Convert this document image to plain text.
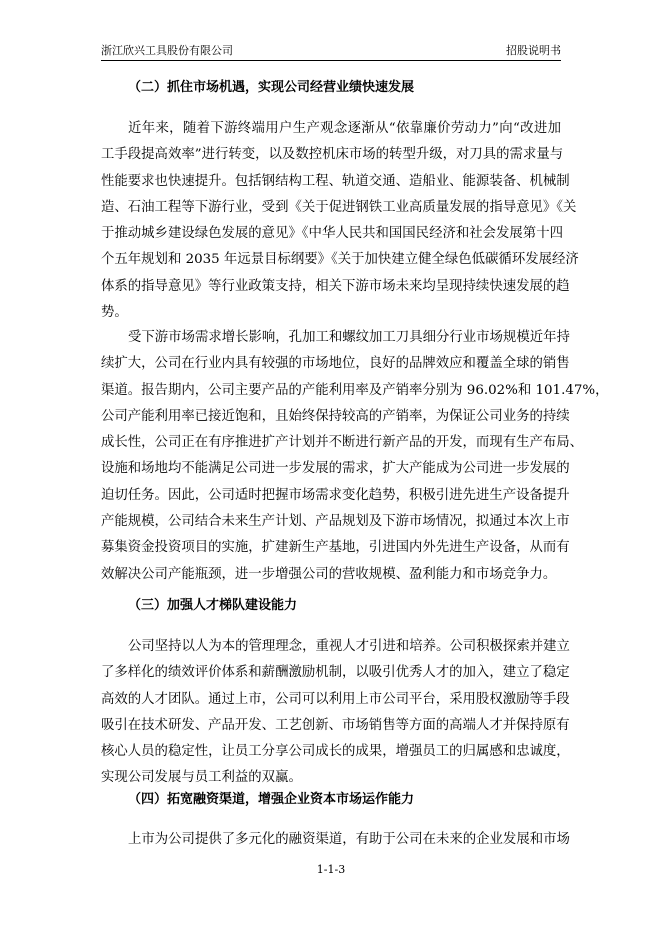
浙江欣兴工具股份有限公司	招股说明书
（二）抓住市场机遇，实现公司经营业绩快速发展
近年来，随着下游终端用户生产观念逐渐从“依靠廉价劳动力”向“改进加
工手段提高效率”进行转变，以及数控机床市场的转型升级，对刀具的需求量与
性能要求也快速提升。包括钢结构工程、轨道交通、造船业、能源装备、机械制
造、石油工程等下游行业，受到《关于促进钢铁工业高质量发展的指导意见》《关
于推动城乡建设绿色发展的意见》《中华人民共和国国民经济和社会发展第十四
个五年规划和 2035 年远景目标纲要》《关于加快建立健全绿色低碳循环发展经济
体系的指导意见》等行业政策支持，相关下游市场未来均呈现持续快速发展的趋
势。
受下游市场需求增长影响，孔加工和螺纹加工刀具细分行业市场规模近年持
续扩大，公司在行业内具有较强的市场地位，良好的品牌效应和覆盖全球的销售
渠道。报告期内，公司主要产品的产能利用率及产销率分别为 96.02%和 101.47%，
公司产能利用率已接近饱和，且始终保持较高的产销率，为保证公司业务的持续
成长性，公司正在有序推进扩产计划并不断进行新产品的开发，而现有生产布局、
设施和场地均不能满足公司进一步发展的需求，扩大产能成为公司进一步发展的
迫切任务。因此，公司适时把握市场需求变化趋势，积极引进先进生产设备提升
产能规模，公司结合未来生产计划、产品规划及下游市场情况，拟通过本次上市
募集资金投资项目的实施，扩建新生产基地，引进国内外先进生产设备，从而有
效解决公司产能瓶颈，进一步增强公司的营收规模、盈利能力和市场竞争力。
（三）加强人才梯队建设能力
公司坚持以人为本的管理理念，重视人才引进和培养。公司积极探索并建立
了多样化的绩效评价体系和薪酬激励机制，以吸引优秀人才的加入，建立了稳定
高效的人才团队。通过上市，公司可以利用上市公司平台，采用股权激励等手段
吸引在技术研发、产品开发、工艺创新、市场销售等方面的高端人才并保持原有
核心人员的稳定性，让员工分享公司成长的成果，增强员工的归属感和忠诚度，
实现公司发展与员工利益的双赢。
（四）拓宽融资渠道，增强企业资本市场运作能力
上市为公司提供了多元化的融资渠道，有助于公司在未来的企业发展和市场
1-1-3
